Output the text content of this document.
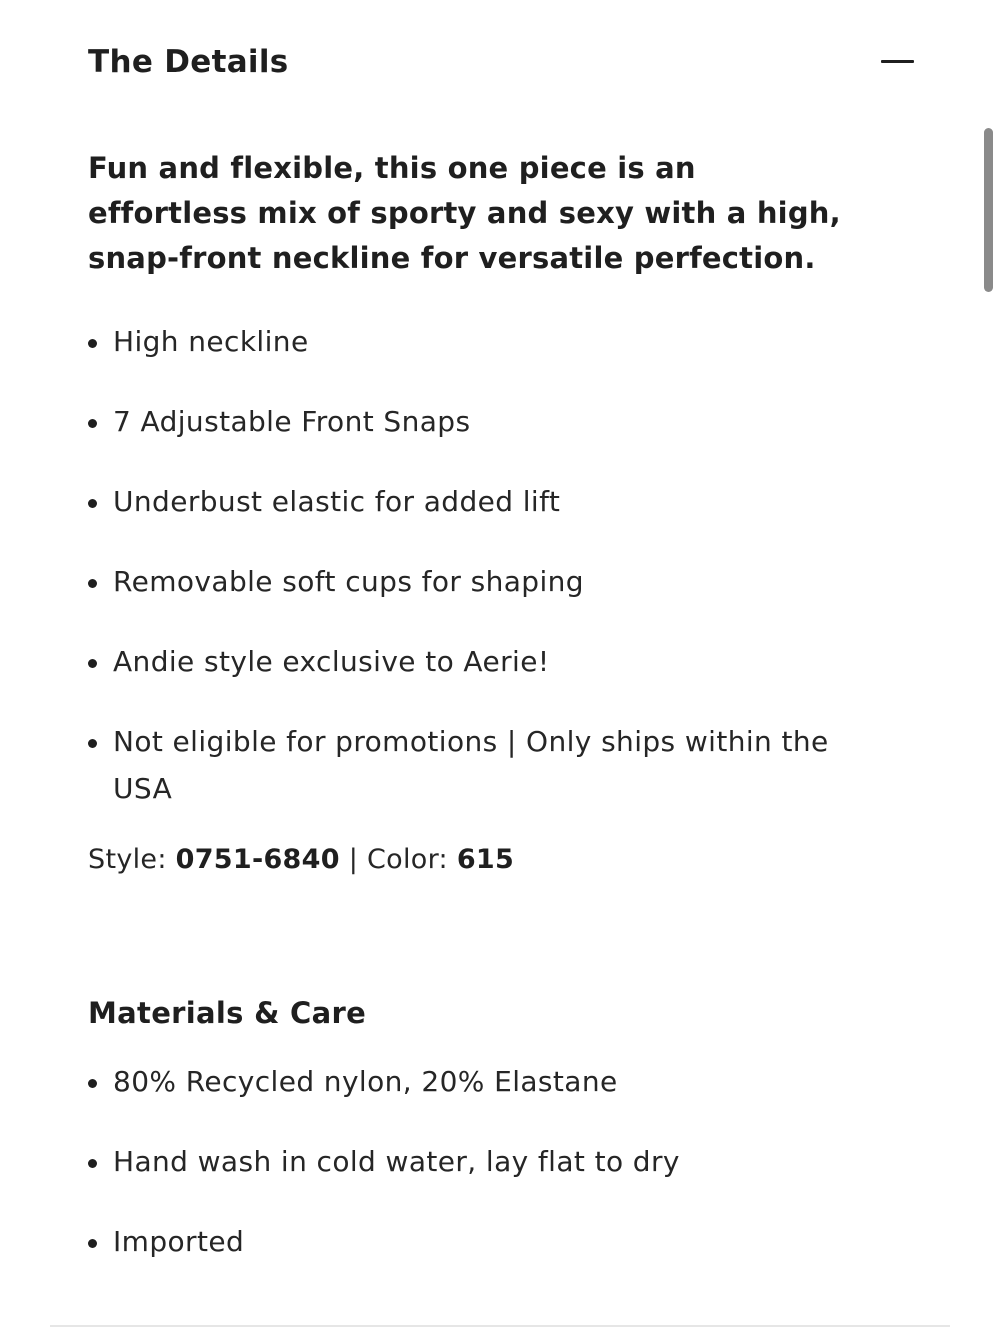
The Details

Fun and flexible, this one piece is an effortless mix of sporty and sexy with a high, snap-front neckline for versatile perfection.

High neckline
7 Adjustable Front Snaps
Underbust elastic for added lift
Removable soft cups for shaping
Andie style exclusive to Aerie!
Not eligible for promotions | Only ships within the USA
Style: 0751-6840 | Color: 615
Materials & Care
80% Recycled nylon, 20% Elastane
Hand wash in cold water, lay flat to dry
Imported
